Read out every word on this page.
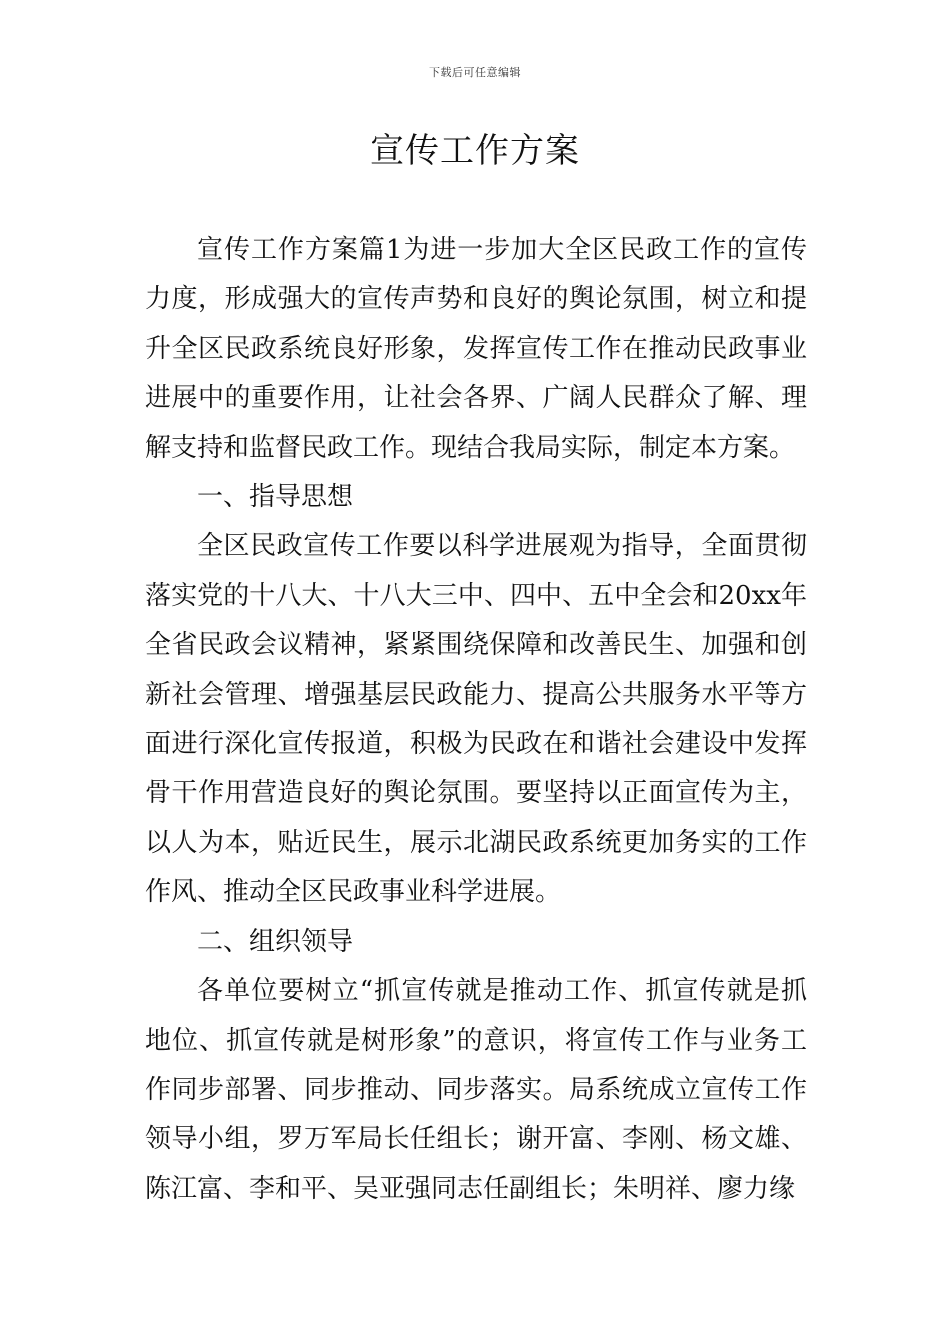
下载后可任意编辑
宣传工作方案

宣传工作方案篇1为进一步加大全区民政工作的宣传力度，形成强大的宣传声势和良好的舆论氛围，树立和提升全区民政系统良好形象，发挥宣传工作在推动民政事业进展中的重要作用，让社会各界、广阔人民群众了解、理解支持和监督民政工作。现结合我局实际，制定本方案。

一、指导思想

全区民政宣传工作要以科学进展观为指导，全面贯彻落实党的十八大、十八大三中、四中、五中全会和20xx年全省民政会议精神，紧紧围绕保障和改善民生、加强和创新社会管理、增强基层民政能力、提高公共服务水平等方面进行深化宣传报道，积极为民政在和谐社会建设中发挥骨干作用营造良好的舆论氛围。要坚持以正面宣传为主，以人为本，贴近民生，展示北湖民政系统更加务实的工作作风、推动全区民政事业科学进展。

二、组织领导

各单位要树立“抓宣传就是推动工作、抓宣传就是抓地位、抓宣传就是树形象”的意识，将宣传工作与业务工作同步部署、同步推动、同步落实。局系统成立宣传工作领导小组，罗万军局长任组长；谢开富、李刚、杨文雄、陈江富、李和平、吴亚强同志任副组长；朱明祥、廖力缘
